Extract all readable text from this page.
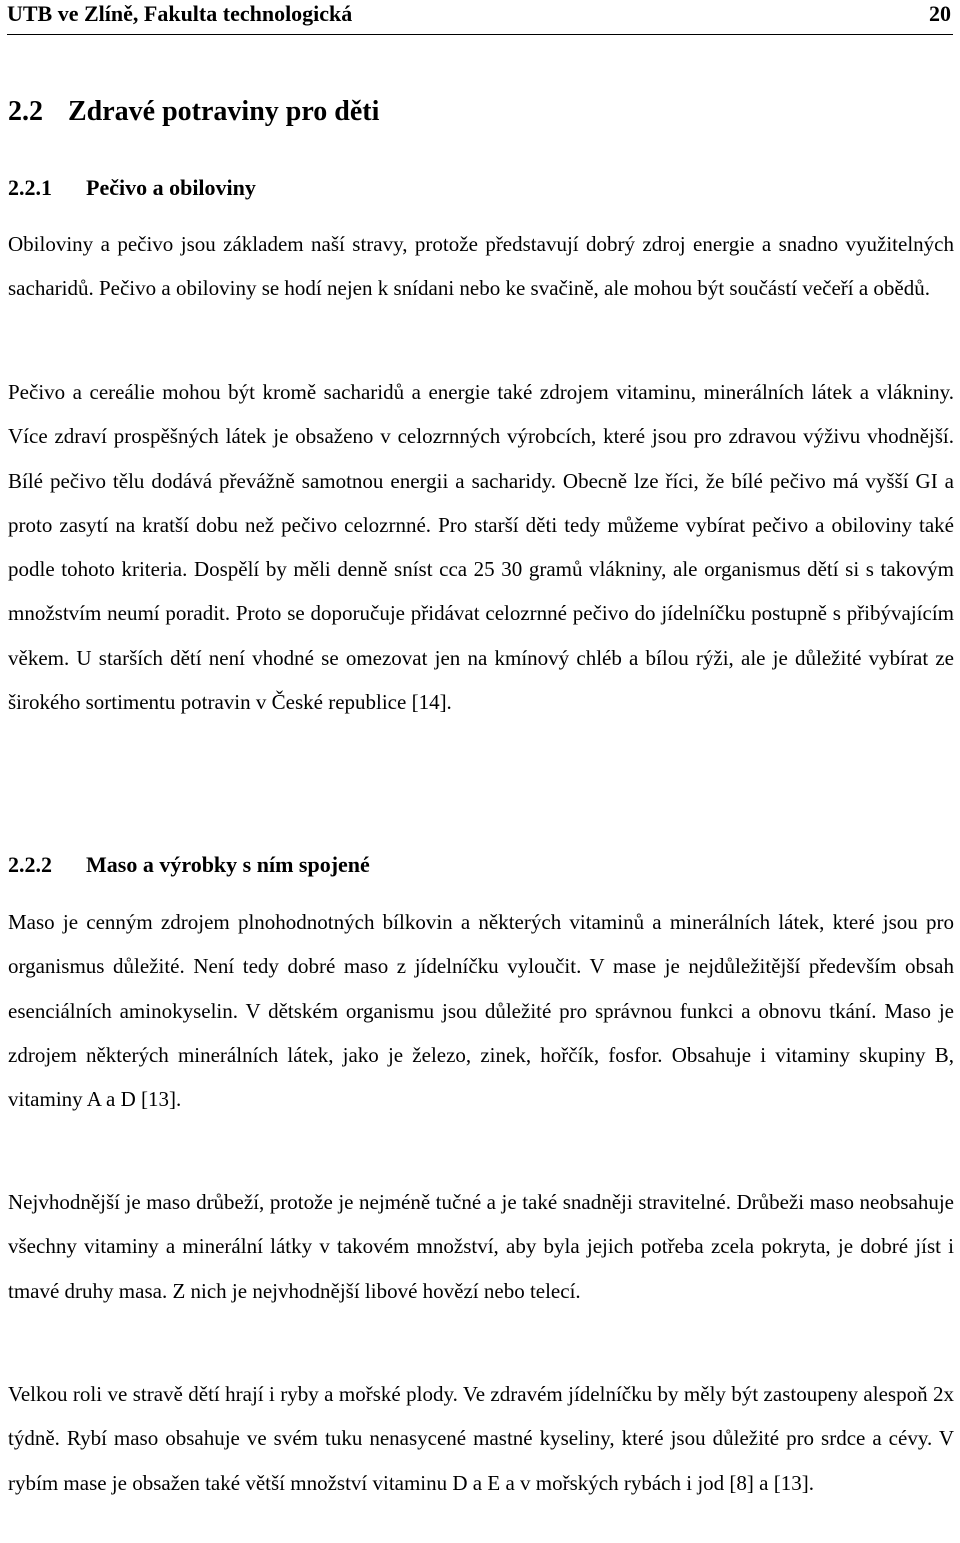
UTB ve Zlíně, Fakulta technologická	20
2.2 Zdravé potraviny pro děti
2.2.1 Pečivo a obiloviny

Obiloviny a pečivo jsou základem naší stravy, protože představují dobrý zdroj energie a snadno využitelných sacharidů. Pečivo a obiloviny se hodí nejen k snídani nebo ke svačině, ale mohou být součástí večeří a obědů.

Pečivo a cereálie mohou být kromě sacharidů a energie také zdrojem vitaminu, minerálních látek a vlákniny. Více zdraví prospěšných látek je obsaženo v celozrnných výrobcích, které jsou pro zdravou výživu vhodnější. Bílé pečivo tělu dodává převážně samotnou energii a sacharidy. Obecně lze říci, že bílé pečivo má vyšší GI a proto zasytí na kratší dobu než pečivo celozrnné. Pro starší děti tedy můžeme vybírat pečivo a obiloviny také podle tohoto kriteria. Dospělí by měli denně sníst cca 25 30 gramů vlákniny, ale organismus dětí si s takovým množstvím neumí poradit. Proto se doporučuje přidávat celozrnné pečivo do jídelníčku postupně s přibývajícím věkem. U starších dětí není vhodné se omezovat jen na kmínový chléb a bílou rýži, ale je důležité vybírat ze širokého sortimentu potravin v České republice [14].

2.2.2 Maso a výrobky s ním spojené

Maso je cenným zdrojem plnohodnotných bílkovin a některých vitaminů a minerálních látek, které jsou pro organismus důležité. Není tedy dobré maso z jídelníčku vyloučit. V mase je nejdůležitější především obsah esenciálních aminokyselin. V dětském organismu jsou důležité pro správnou funkci a obnovu tkání. Maso je zdrojem některých minerálních látek, jako je železo, zinek, hořčík, fosfor. Obsahuje i vitaminy skupiny B, vitaminy A a D [13].

Nejvhodnější je maso drůbeží, protože je nejméně tučné a je také snadněji stravitelné. Drůbeži maso neobsahuje všechny vitaminy a minerální látky v takovém množství, aby byla jejich potřeba zcela pokryta, je dobré jíst i tmavé druhy masa. Z nich je nejvhodnější libové hovězí nebo telecí.

Velkou roli ve stravě dětí hrají i ryby a mořské plody. Ve zdravém jídelníčku by měly být zastoupeny alespoň 2x týdně. Rybí maso obsahuje ve svém tuku nenasycené mastné kyseliny, které jsou důležité pro srdce a cévy. V rybím mase je obsažen také větší množství vitaminu D a E a v mořských rybách i jod [8] a [13].
